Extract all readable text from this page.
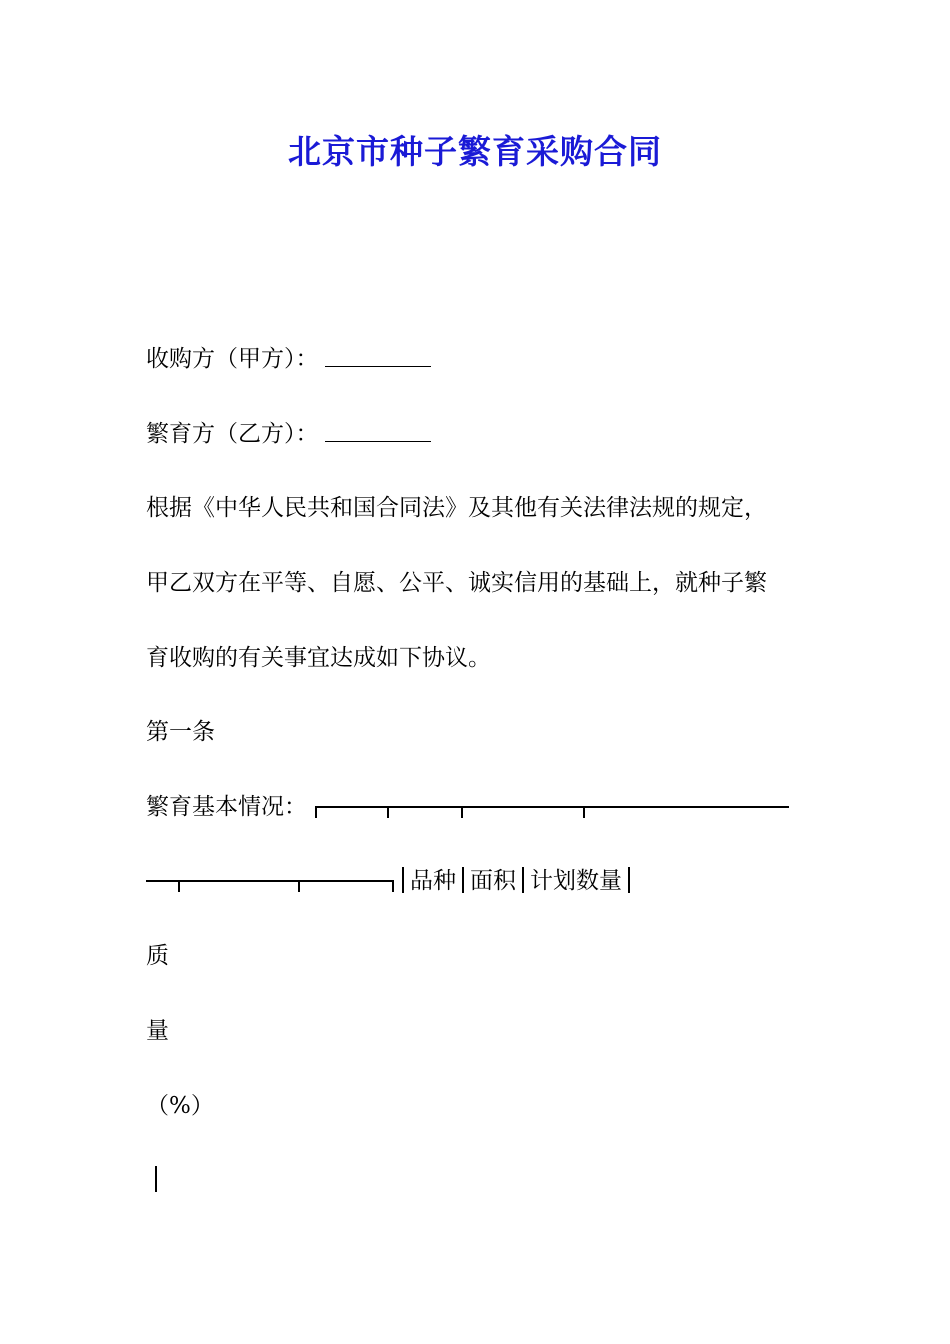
北京市种子繁育采购合同
收购方（甲方）：
繁育方（乙方）：
根据《中华人民共和国合同法》及其他有关法律法规的规定，
甲乙双方在平等、自愿、公平、诚实信用的基础上，就种子繁
育收购的有关事宜达成如下协议。
第一条
繁育基本情况：
品种 面积 计划数量
质
量
（%）
